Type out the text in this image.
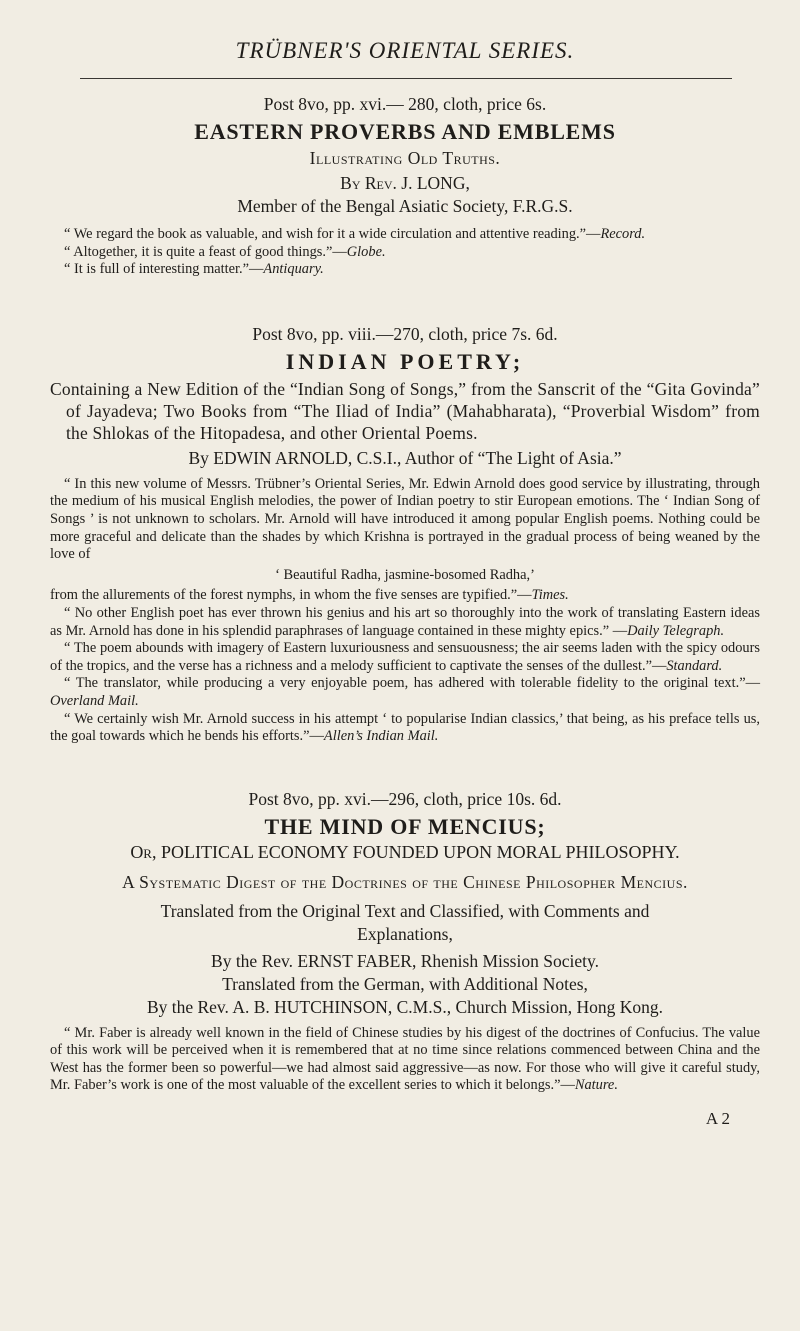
TRÜBNER'S ORIENTAL SERIES.

Post 8vo, pp. xvi.— 280, cloth, price 6s.

EASTERN PROVERBS AND EMBLEMS

Illustrating Old Truths.

By Rev. J. LONG,

Member of the Bengal Asiatic Society, F.R.G.S.

“ We regard the book as valuable, and wish for it a wide circulation and attentive reading.”—Record.

“ Altogether, it is quite a feast of good things.”—Globe.

“ It is full of interesting matter.”—Antiquary.

Post 8vo, pp. viii.—270, cloth, price 7s. 6d.

INDIAN POETRY;

Containing a New Edition of the “Indian Song of Songs,” from the Sanscrit of the “Gita Govinda” of Jayadeva; Two Books from “The Iliad of India” (Mahabharata), “Proverbial Wisdom” from the Shlokas of the Hitopadesa, and other Oriental Poems.

By EDWIN ARNOLD, C.S.I., Author of “The Light of Asia.”

“ In this new volume of Messrs. Trübner’s Oriental Series, Mr. Edwin Arnold does good service by illustrating, through the medium of his musical English melodies, the power of Indian poetry to stir European emotions. The ‘ Indian Song of Songs ’ is not unknown to scholars. Mr. Arnold will have introduced it among popular English poems. Nothing could be more graceful and delicate than the shades by which Krishna is portrayed in the gradual process of being weaned by the love of

‘ Beautiful Radha, jasmine-bosomed Radha,’

from the allurements of the forest nymphs, in whom the five senses are typified.”—Times.

“ No other English poet has ever thrown his genius and his art so thoroughly into the work of translating Eastern ideas as Mr. Arnold has done in his splendid paraphrases of language contained in these mighty epics.” —Daily Telegraph.

“ The poem abounds with imagery of Eastern luxuriousness and sensuousness; the air seems laden with the spicy odours of the tropics, and the verse has a richness and a melody sufficient to captivate the senses of the dullest.”—Standard.

“ The translator, while producing a very enjoyable poem, has adhered with tolerable fidelity to the original text.”—Overland Mail.

“ We certainly wish Mr. Arnold success in his attempt ‘ to popularise Indian classics,’ that being, as his preface tells us, the goal towards which he bends his efforts.”—Allen’s Indian Mail.

Post 8vo, pp. xvi.—296, cloth, price 10s. 6d.

THE MIND OF MENCIUS;

Or, POLITICAL ECONOMY FOUNDED UPON MORAL PHILOSOPHY.

A Systematic Digest of the Doctrines of the Chinese Philosopher Mencius.

Translated from the Original Text and Classified, with Comments and Explanations,

By the Rev. ERNST FABER, Rhenish Mission Society.

Translated from the German, with Additional Notes,

By the Rev. A. B. HUTCHINSON, C.M.S., Church Mission, Hong Kong.

“ Mr. Faber is already well known in the field of Chinese studies by his digest of the doctrines of Confucius. The value of this work will be perceived when it is remembered that at no time since relations commenced between China and the West has the former been so powerful—we had almost said aggressive—as now. For those who will give it careful study, Mr. Faber’s work is one of the most valuable of the excellent series to which it belongs.”—Nature.

A 2
